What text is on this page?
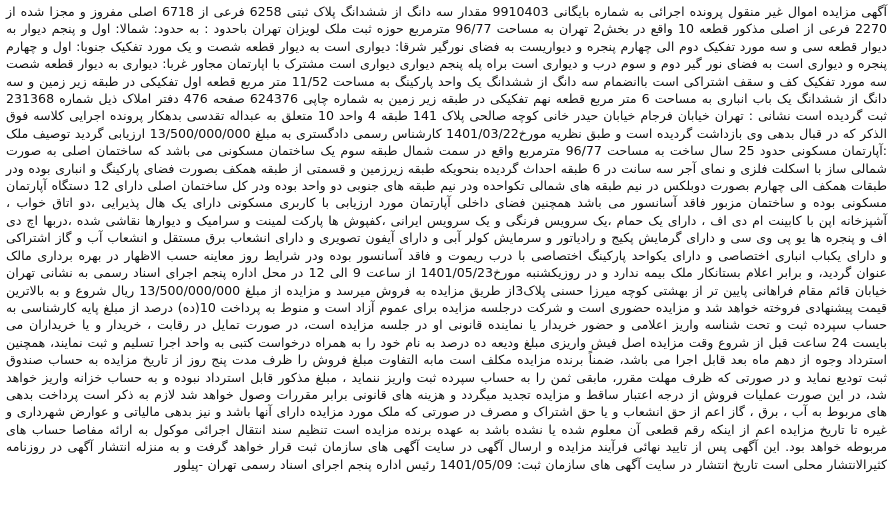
آگهی مزایده اموال غیر منقول پرونده اجرائی به شماره بایگانی 9910403 مقدار سه دانگ از ششدانگ پلاک ثبتی 6258 فرعی از 6718 اصلی مفروز و مجزا شده از 2270 فرعی از اصلی مذکور قطعه 10 واقع در بخش2 تهران به مساحت 96/77 مترمربع حوزه ثبت ملک لویزان تهران باحدود : به حدود: شمالا: اول و پنجم دیوار به دیوار قطعه سی و سه مورد تفکیک دوم الی چهارم پنجره و دیواریست به فضای نورگیر شرقا: دیواری است به دیوار قطعه شصت و یک مورد تفکیک جنوبا: اول و چهارم پنجره و دیواری است به فضای نور گیر دوم و سوم درب و دیواری است براه پله پنجم دیواری دیواری است مشترک با اپارتمان مجاور غربا: دیواری به دیوار قطعه شصت سه مورد تفکیک کف و سقف اشتراکی است باانضمام سه دانگ از ششدانگ یک واحد پارکینگ به مساحت 11/52 متر مربع قطعه اول تفکیکی در طبقه زیر زمین و سه دانگ از ششدانگ یک باب انباری به مساحت 6 متر مربع قطعه نهم تفکیکی در طبقه زیر زمین به شماره چاپی 624376 صفحه 476 دفتر املاک ذیل شماره 231368 ثبت گردیده است نشانی : تهران خیابان فرجام خیابان حیدر خانی کوچه صالحی پلاک 141 طبقه 4 واحد 10 متعلق به عبداله تقدسی بدهکار پرونده اجرایی کلاسه فوق الذکر که در قبال بدهی وی بازداشت گردیده است و طبق نظریه مورخ1401/03/22 کارشناس رسمی دادگستری به مبلغ 13/500/000/000 ارزیابی گردید توصیف ملک :آپارتمان مسکونی حدود 25 سال ساخت به مساحت 96/77 مترمربع واقع در سمت شمال طبقه سوم یک ساختمان مسکونی می باشد که ساختمان اصلی به صورت شمالی ساز با اسکلت فلزی و نمای آجر سه سانت در 6 طبقه احداث گردیده بنحویکه طبقه زیرزمین و قسمتی از طبقه همکف بصورت فضای پارکینگ و انباری بوده ودر طبقات همکف الی چهارم بصورت دوبلکس در نیم طبقه های شمالی تکواحده ودر نیم طبقه های جنوبی دو واحد بوده ودر کل ساختمان اصلی دارای 12 دستگاه آپارتمان مسکونی بوده و ساختمان مزبور فاقد آسانسور می باشد همچنین فضای داخلی آپارتمان مورد ارزیابی با کاربری مسکونی دارای یک هال پذیرایی ،دو اتاق خواب ، آشپزخانه اپن با کابینت ام دی اف ، دارای یک حمام ،یک سرویس فرنگی و یک سرویس ایرانی ،کفپوش ها پارکت لمینت و سرامیک و دیوارها نقاشی شده ،دربها اچ دی اف و پنجره ها یو پی وی سی و دارای گرمایش پکیج و رادیاتور و سرمایش کولر آبی و دارای آیفون تصویری و دارای انشعاب برق مستقل و انشعاب آب و گاز اشتراکی و دارای یکباب انباری اختصاصی و دارای یکواحد پارکینگ اختصاصی با درب ریموت و فاقد آسانسور بوده ودر شرایط روز معاینه حسب الاظهار در بهره برداری مالک عنوان گردید، و برابر اعلام بستانکار ملک بیمه ندارد و در روزیکشنبه مورخ1401/05/23 از ساعت 9 الی 12 در محل اداره پنجم اجرای اسناد رسمی به نشانی تهران خیابان قائم مقام فراهانی پایین تر از بهشتی کوچه میرزا حسنی پلاک3از طریق مزایده به فروش میرسد و مزایده از مبلغ 13/500/000/000 ریال شروع و به بالاترین قیمت پیشنهادی فروخته خواهد شد و مزایده حضوری است و شرکت درجلسه مزایده برای عموم آزاد است و منوط به پرداخت 10(ده) درصد از مبلغ پایه کارشناسی به حساب سپرده ثبت و تحت شناسه واریز اعلامی و حضور خریدار یا نماینده قانونی او در جلسه مزایده است، در صورت تمایل در رقابت ، خریدار و یا خریداران می بایست 24 ساعت قبل از شروع وقت مزایده اصل فیش واریزی مبلغ ودیعه ده درصد به نام خود را به همراه درخواست کتبی به واحد اجرا تسلیم و ثبت نمایند، همچنین استرداد وجوه از دهم ماه بعد قابل اجرا می باشد، ضمناً برنده مزایده مکلف است مابه التفاوت مبلغ فروش را ظرف مدت پنج روز از تاریخ مزایده به حساب صندوق ثبت تودیع نماید و در صورتی که ظرف مهلت مقرر، مابقی ثمن را به حساب سپرده ثبت واریز ننماید ، مبلغ مذکور قابل استرداد نبوده و به حساب خزانه واریز خواهد شد، در این صورت عملیات فروش از درجه اعتبار ساقط و مزایده تجدید میگردد و هزینه های قانونی برابر مقررات وصول خواهد شد لازم به ذکر است پرداخت بدهی های مربوط به آب ، برق ، گاز اعم از حق انشعاب و یا حق اشتراک و مصرف در صورتی که ملک مورد مزایده دارای آنها باشد و نیز بدهی مالیاتی و عوارض شهرداری و غیره تا تاریخ مزایده اعم از اینکه رقم قطعی آن معلوم شده یا نشده باشد به عهده برنده مزایده است تنظیم سند انتقال اجرائی موکول به ارائه مفاصا حساب های مربوطه خواهد بود. این آگهی پس از تایید نهائی فرآیند مزایده و ارسال آگهی در سایت آگهی های سازمان ثبت قرار خواهد گرفت و به منزله انتشار آگهی در روزنامه کثیرالانتشار محلی است تاریخ انتشار در سایت آگهی های سازمان ثبت: 1401/05/09 رئیس اداره پنجم اجرای اسناد رسمی تهران -پیلور
